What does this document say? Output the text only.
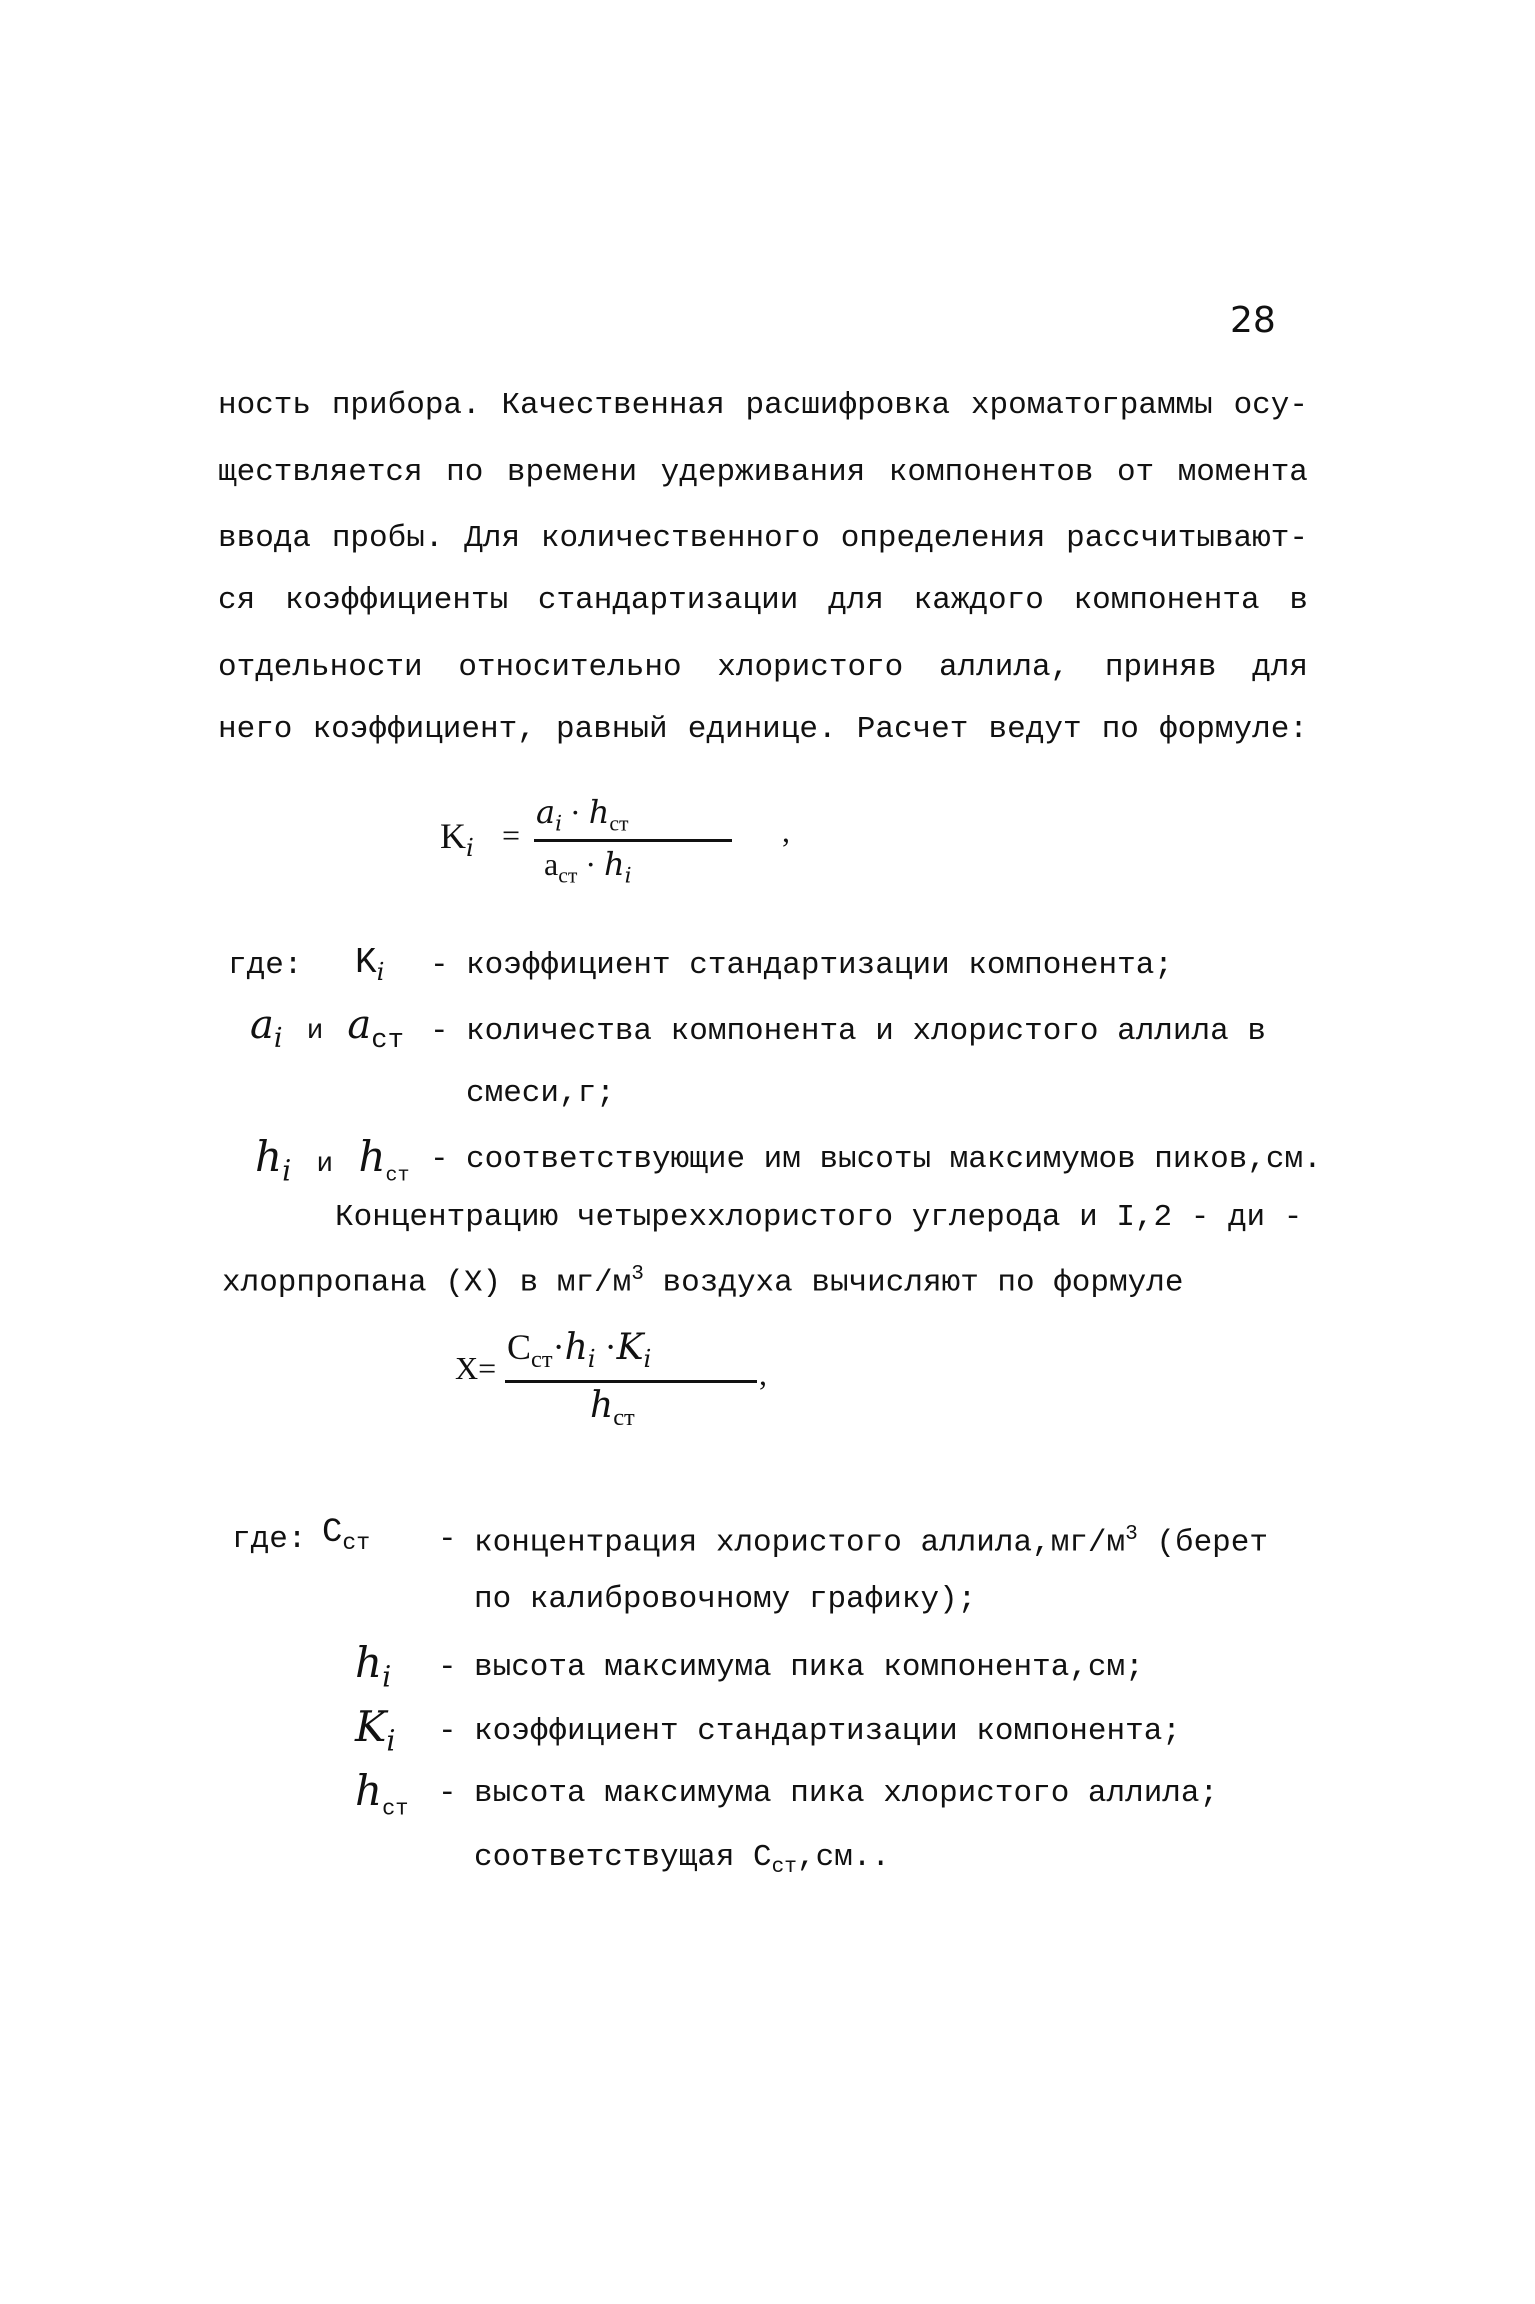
28
ность прибора. Качественная расшифровка хроматограммы осу-
ществляется по времени удерживания компонентов от момента
ввода пробы. Для количественного определения рассчитывают-
ся коэффициенты стандартизации для каждого компонента в
отдельности относительно хлористого аллила, приняв для
него коэффициент, равный единице. Расчет ведут по формуле:
$K_i$ =
$a_i \cdot h_{ст}$
$a_{ст} \cdot h_i$
,
где: $K_i$ - коэффициент стандартизации компонента;
$a_i$ и $a_{ст}$ - количества компонента и хлористого аллила в
смеси,г;
$h_i$ и $h_{ст}$ - соответствующие им высоты максимумов пиков,см.
Концентрацию четыреххлористого углерода и I,2 - ди -
хлорпропана (X) в $мг/м^3$ воздуха вычисляют по формуле
X=
$C_{ст}\cdot h_i \cdot K_i$
$h_{ст}$
,
где: $C_{ст}$ - концентрация хлористого $аллила,мг/м^3$ (берет
по калибровочному графику);
$h_i$ - высота максимума пика компонента,см;
$K_i$ - коэффициент стандартизации компонента;
$h_{ст}$ - высота максимума пика хлористого аллила;
соответствущая $C_{ст},см$..
